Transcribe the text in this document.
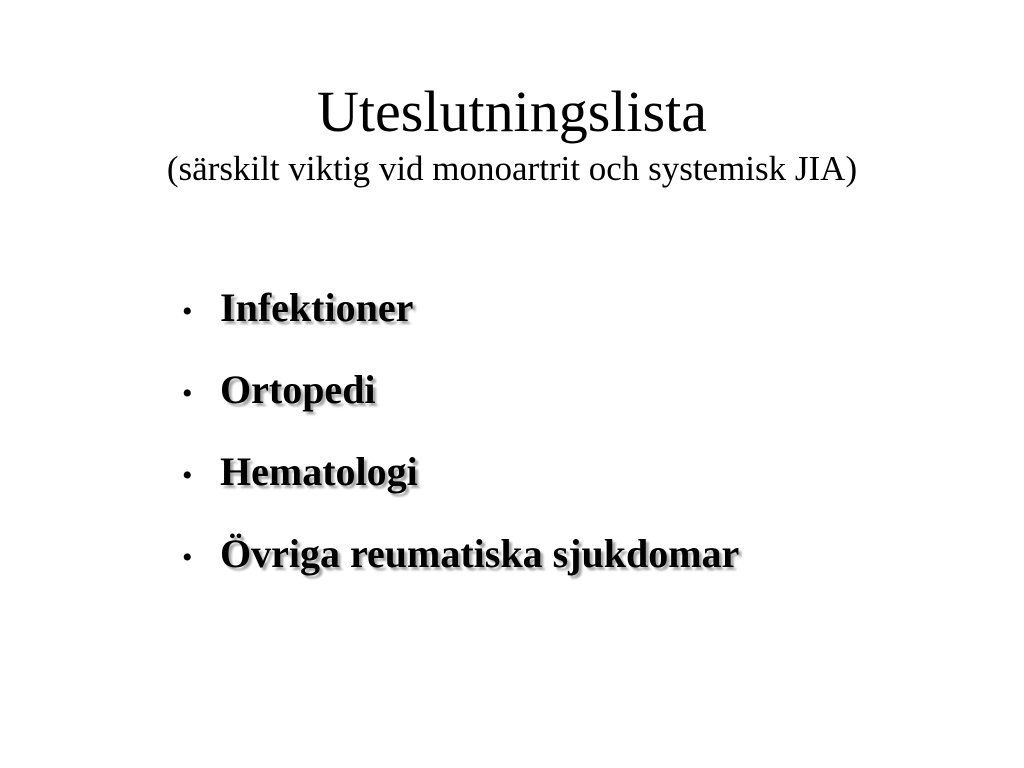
Uteslutningslista

(särskilt viktig vid monoartrit och systemisk JIA)

• Infektioner
• Ortopedi
• Hematologi
• Övriga reumatiska sjukdomar
